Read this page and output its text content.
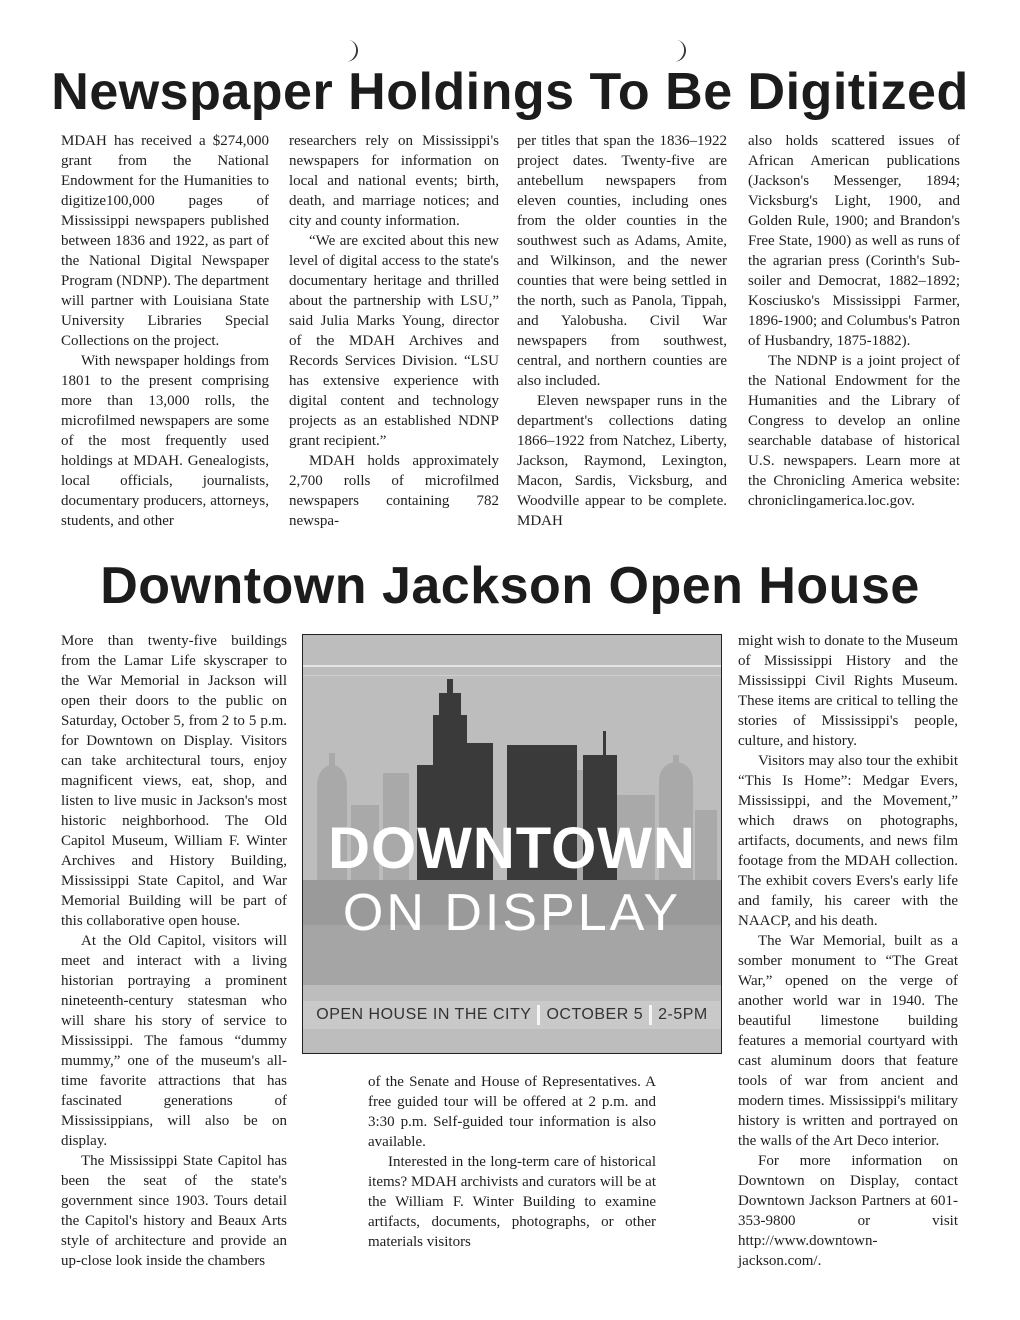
Newspaper Holdings To Be Digitized

MDAH has received a $274,000 grant from the National Endowment for the Humanities to digitize100,000 pages of Mississippi newspapers published between 1836 and 1922, as part of the National Digital Newspaper Program (NDNP). The department will partner with Louisiana State University Libraries Special Collections on the project.

With newspaper holdings from 1801 to the present comprising more than 13,000 rolls, the microfilmed newspapers are some of the most frequently used holdings at MDAH. Genealogists, local officials, journalists, documentary producers, attorneys, students, and other

researchers rely on Mississippi's newspapers for information on local and national events; birth, death, and marriage notices; and city and county information.

“We are excited about this new level of digital access to the state's documentary heritage and thrilled about the partnership with LSU,” said Julia Marks Young, director of the MDAH Archives and Records Services Division. “LSU has extensive experience with digital content and technology projects as an established NDNP grant recipient.”

MDAH holds approximately 2,700 rolls of microfilmed newspapers containing 782 newspa-

per titles that span the 1836–1922 project dates. Twenty-five are antebellum newspapers from eleven counties, including ones from the older counties in the southwest such as Adams, Amite, and Wilkinson, and the newer counties that were being settled in the north, such as Panola, Tippah, and Yalobusha. Civil War newspapers from southwest, central, and northern counties are also included.

Eleven newspaper runs in the department's collections dating 1866–1922 from Natchez, Liberty, Jackson, Raymond, Lexington, Macon, Sardis, Vicksburg, and Woodville appear to be complete. MDAH

also holds scattered issues of African American publications (Jackson's Messenger, 1894; Vicksburg's Light, 1900, and Golden Rule, 1900; and Brandon's Free State, 1900) as well as runs of the agrarian press (Corinth's Sub-soiler and Democrat, 1882–1892; Kosciusko's Mississippi Farmer, 1896-1900; and Columbus's Patron of Husbandry, 1875-1882).

The NDNP is a joint project of the National Endowment for the Humanities and the Library of Congress to develop an online searchable database of historical U.S. newspapers. Learn more at the Chronicling America website: chroniclingamerica.loc.gov.

Downtown Jackson Open House

More than twenty-five buildings from the Lamar Life skyscraper to the War Memorial in Jackson will open their doors to the public on Saturday, October 5, from 2 to 5 p.m. for Downtown on Display. Visitors can take architectural tours, enjoy magnificent views, eat, shop, and listen to live music in Jackson's most historic neighborhood. The Old Capitol Museum, William F. Winter Archives and History Building, Mississippi State Capitol, and War Memorial Building will be part of this collaborative open house.

At the Old Capitol, visitors will meet and interact with a living historian portraying a prominent nineteenth-century statesman who will share his story of service to Mississippi. The famous “dummy mummy,” one of the museum's all-time favorite attractions that has fascinated generations of Mississippians, will also be on display.

The Mississippi State Capitol has been the seat of the state's government since 1903. Tours detail the Capitol's history and Beaux Arts style of architecture and provide an up-close look inside the chambers

of the Senate and House of Representatives. A free guided tour will be offered at 2 p.m. and 3:30 p.m. Self-guided tour information is also available.

Interested in the long-term care of historical items? MDAH archivists and curators will be at the William F. Winter Building to examine artifacts, documents, photographs, or other materials visitors

might wish to donate to the Museum of Mississippi History and the Mississippi Civil Rights Museum. These items are critical to telling the stories of Mississippi's people, culture, and history.

Visitors may also tour the exhibit “This Is Home”: Medgar Evers, Mississippi, and the Movement,” which draws on photographs, artifacts, documents, and news film footage from the MDAH collection. The exhibit covers Evers's early life and family, his career with the NAACP, and his death.

The War Memorial, built as a somber monument to “The Great War,” opened on the verge of another world war in 1940. The beautiful limestone building features a memorial courtyard with cast aluminum doors that feature tools of war from ancient and modern times. Mississippi's military history is written and portrayed on the walls of the Art Deco interior.

For more information on Downtown on Display, contact Downtown Jackson Partners at 601-353-9800 or visit http://www.downtown-jackson.com/.

DOWNTOWN
ON DISPLAY
OPEN HOUSE IN THE CITY OCTOBER 5 2-5PM
